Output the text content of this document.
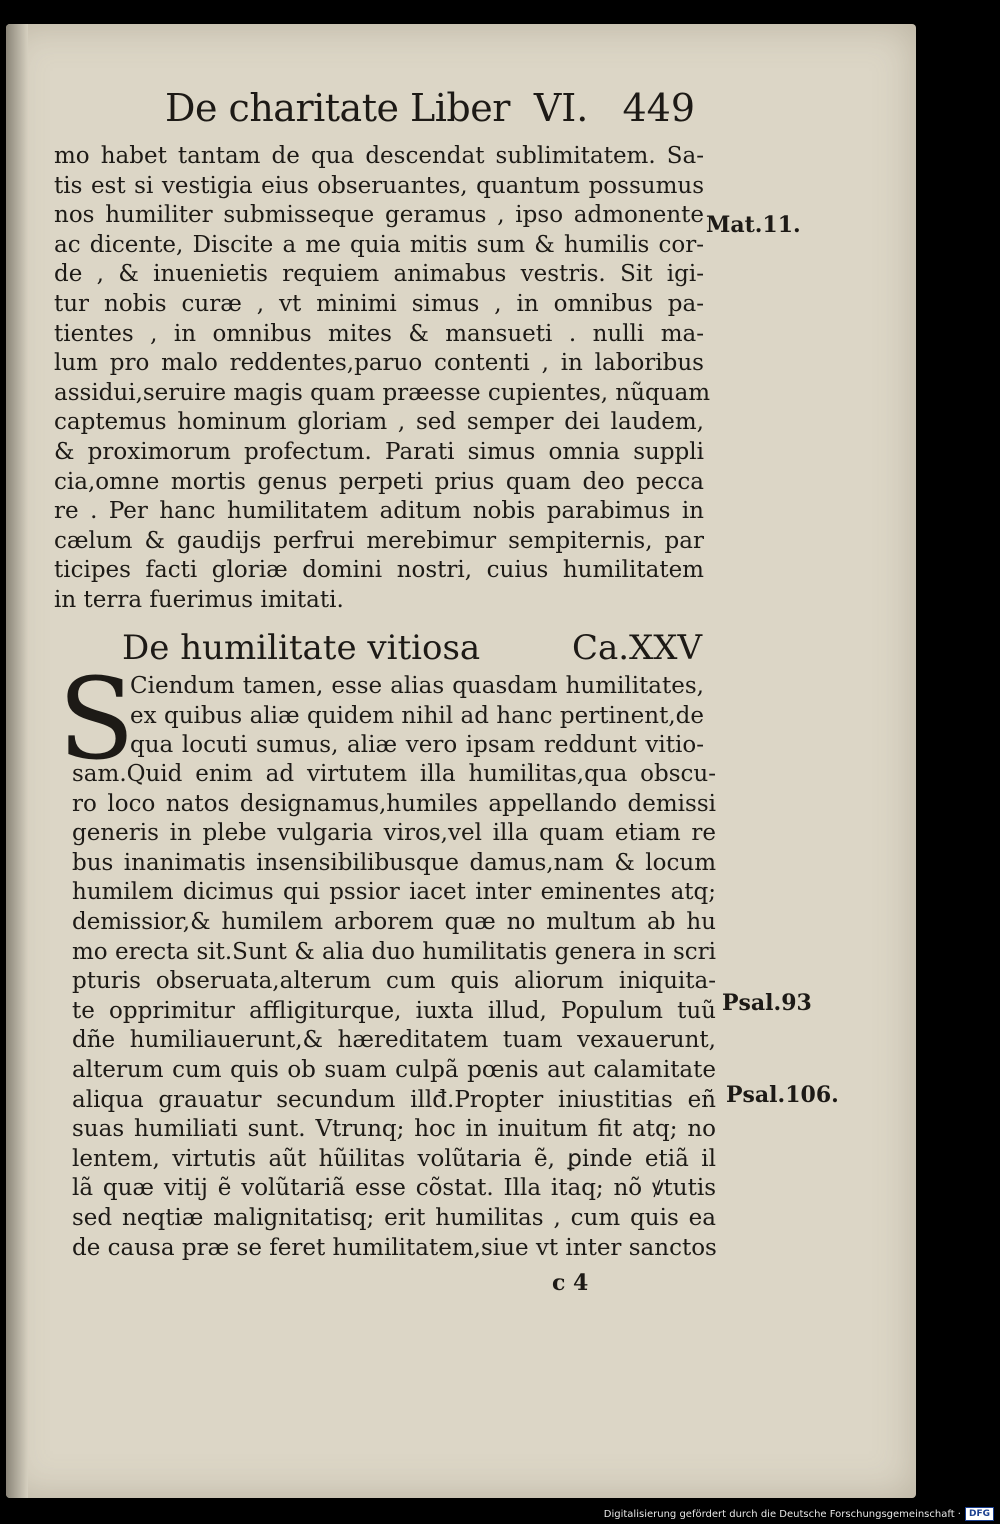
De charitate Liber VI. 449
mo habet tantam de qua descendat sublimitatem. Sa-
tis est si vestigia eius obseruantes, quantum possumus
nos humiliter submisseque geramus , ipso admonente
ac dicente, Discite a me quia mitis sum & humilis cor-
de , & inuenietis requiem animabus vestris. Sit igi-
tur nobis curæ , vt minimi simus , in omnibus pa-
tientes , in omnibus mites & mansueti . nulli ma-
lum pro malo reddentes,paruo contenti , in laboribus
assidui,seruire magis quam præesse cupientes, nũquam
captemus hominum gloriam , sed semper dei laudem,
& proximorum profectum. Parati simus omnia suppli
cia,omne mortis genus perpeti prius quam deo pecca
re . Per hanc humilitatem aditum nobis parabimus in
cælum & gaudijs perfrui merebimur sempiternis, par
ticipes facti gloriæ domini nostri, cuius humilitatem
in terra fuerimus imitati.
De humilitate vitiosa	Ca.XXV
S
Ciendum tamen, esse alias quasdam humilitates,
ex quibus aliæ quidem nihil ad hanc pertinent,de
qua locuti sumus, aliæ vero ipsam reddunt vitio-
sam.Quid enim ad virtutem illa humilitas,qua obscu-
ro loco natos designamus,humiles appellando demissi
generis in plebe vulgaria viros,vel illa quam etiam re
bus inanimatis insensibilibusque damus,nam & locum
humilem dicimus qui pssior iacet inter eminentes atq;
demissior,& humilem arborem quæ no multum ab hu
mo erecta sit.Sunt & alia duo humilitatis genera in scri
pturis obseruata,alterum cum quis aliorum iniquita-
te opprimitur affligiturque, iuxta illud, Populum tuũ
dñe humiliauerunt,& hæreditatem tuam vexauerunt,
alterum cum quis ob suam culpã pœnis aut calamitate
aliqua grauatur secundum illđ.Propter iniustitias eñ
suas humiliati sunt. Vtrunq; hoc in inuitum fit atq; no
lentem, virtutis aũt hũilitas volũtaria ẽ, ꝑinde etiã il
lã quæ vitij ẽ volũtariã esse cõstat. Illa itaq; nõ ꝟtutis
sed neqtiæ malignitatisq; erit humilitas , cum quis ea
de causa præ se feret humilitatem,siue vt inter sanctos
Mat.11.
Psal.93
Psal.106.
c 4
Digitalisierung gefördert durch die Deutsche Forschungsgemeinschaft · DFG
